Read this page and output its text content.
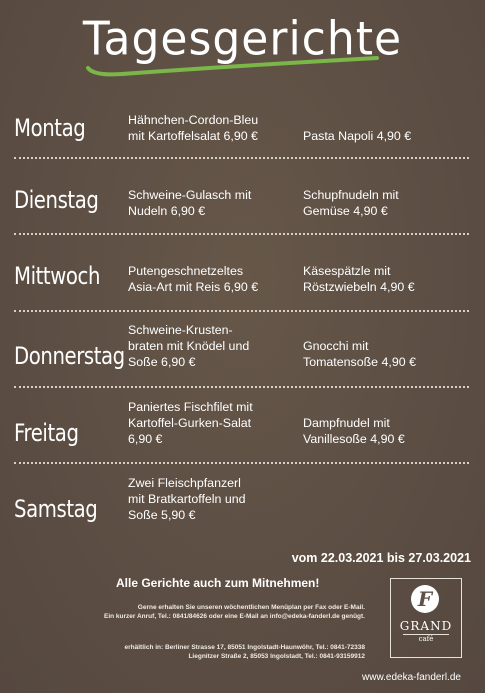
Tagesgerichte
Montag	Hähnchen-Cordon-Bleu
mit Kartoffelsalat 6,90 €	Pasta Napoli 4,90 €
Dienstag Schweine-Gulasch mit
Nudeln 6,90 €
Schupfnudeln mit
Gemüse 4,90 €
Mittwoch Putengeschnetzeltes
Asia-Art mit Reis 6,90 €
Käsespätzle mit
Röstzwiebeln 4,90 €
Donnerstag
Schweine-Krusten-
braten mit Knödel und
Soße 6,90 €
Gnocchi mit
Tomatensoße 4,90 €
Freitag
Paniertes Fischfilet mit
Kartoffel-Gurken-Salat
6,90 €
Dampfnudel mit
Vanillesoße 4,90 €
Samstag
Zwei Fleischpfanzerl
mit Bratkartoffeln und
Soße 5,90 €
vom 22.03.2021 bis 27.03.2021
Alle Gerichte auch zum Mitnehmen!
Gerne erhalten Sie unseren wöchentlichen Menüplan per Fax oder E-Mail.
Ein kurzer Anruf, Tel.: 0841/84626 oder eine E-Mail an info@edeka-fanderl.de genügt.
erhältlich in: Berliner Strasse 17, 85051 Ingolstadt-Haunwöhr, Tel.: 0841-72338
Liegnitzer Straße 2, 85053 Ingolstadt, Tel.: 0841-93159912
F
GRAND
café
www.edeka-fanderl.de
